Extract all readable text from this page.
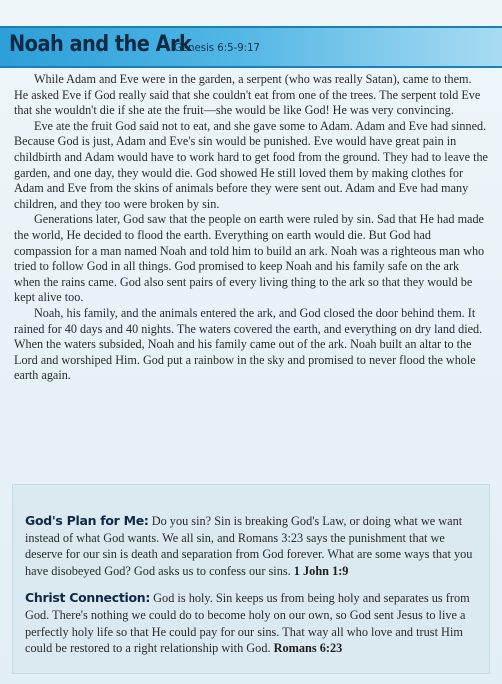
Noah and the Ark
Genesis 6:5-9:17

While Adam and Eve were in the garden, a serpent (who was really Satan), came to them. He asked Eve if God really said that she couldn't eat from one of the trees. The serpent told Eve that she wouldn't die if she ate the fruit—she would be like God! He was very convincing.

Eve ate the fruit God said not to eat, and she gave some to Adam. Adam and Eve had sinned. Because God is just, Adam and Eve's sin would be punished. Eve would have great pain in childbirth and Adam would have to work hard to get food from the ground. They had to leave the garden, and one day, they would die. God showed He still loved them by making clothes for Adam and Eve from the skins of animals before they were sent out. Adam and Eve had many children, and they too were broken by sin.

Generations later, God saw that the people on earth were ruled by sin. Sad that He had made the world, He decided to flood the earth. Everything on earth would die. But God had compassion for a man named Noah and told him to build an ark. Noah was a righteous man who tried to follow God in all things. God promised to keep Noah and his family safe on the ark when the rains came. God also sent pairs of every living thing to the ark so that they would be kept alive too.

Noah, his family, and the animals entered the ark, and God closed the door behind them. It rained for 40 days and 40 nights. The waters covered the earth, and everything on dry land died. When the waters subsided, Noah and his family came out of the ark. Noah built an altar to the Lord and worshiped Him. God put a rainbow in the sky and promised to never flood the whole earth again.

God's Plan for Me: Do you sin? Sin is breaking God's Law, or doing what we want instead of what God wants. We all sin, and Romans 3:23 says the punishment that we deserve for our sin is death and separation from God forever. What are some ways that you have disobeyed God? God asks us to confess our sins. 1 John 1:9

Christ Connection: God is holy. Sin keeps us from being holy and separates us from God. There's nothing we could do to become holy on our own, so God sent Jesus to live a perfectly holy life so that He could pay for our sins. That way all who love and trust Him could be restored to a right relationship with God. Romans 6:23
